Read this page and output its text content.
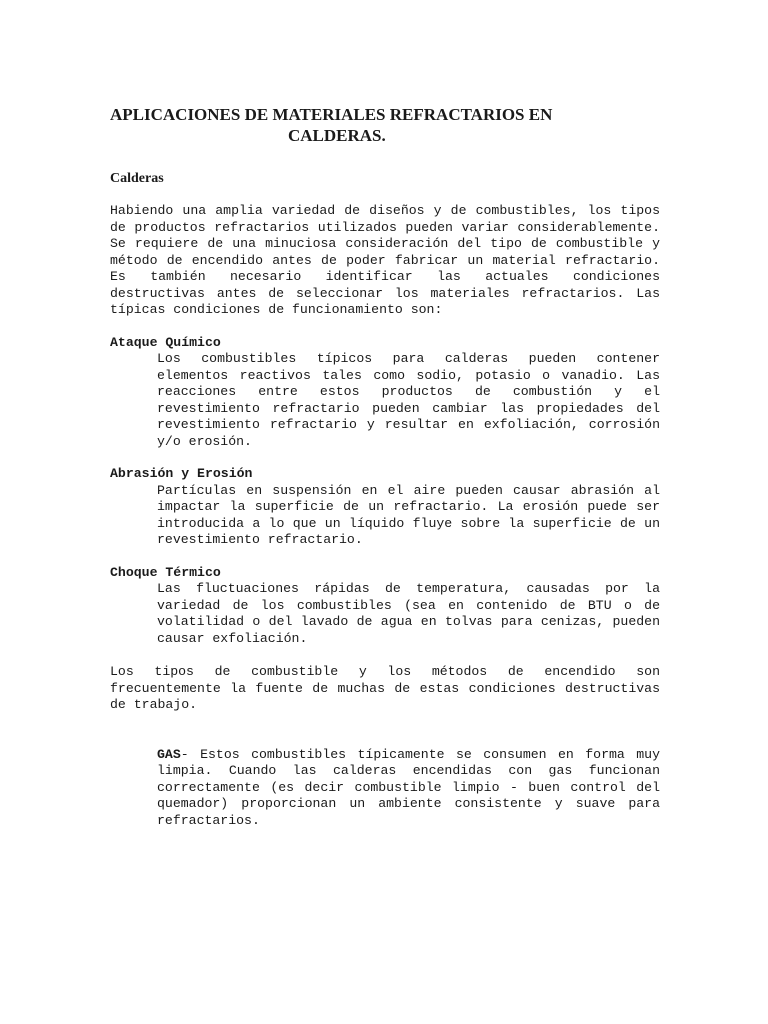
APLICACIONES DE MATERIALES REFRACTARIOS EN
CALDERAS.

Calderas

Habiendo una amplia variedad de diseños y de combustibles, los tipos de productos refractarios utilizados pueden variar considerablemente. Se requiere de una minuciosa consideración del tipo de combustible y método de encendido antes de poder fabricar un material refractario. Es también necesario identificar las actuales condiciones destructivas antes de seleccionar los materiales refractarios. Las típicas condiciones de funcionamiento son:

Ataque Químico

Los combustibles típicos para calderas pueden contener elementos reactivos tales como sodio, potasio o vanadio. Las reacciones entre estos productos de combustión y el revestimiento refractario pueden cambiar las propiedades del revestimiento refractario y resultar en exfoliación, corrosión y/o erosión.

Abrasión y Erosión

Partículas en suspensión en el aire pueden causar abrasión al impactar la superficie de un refractario. La erosión puede ser introducida a lo que un líquido fluye sobre la superficie de un revestimiento refractario.

Choque Térmico

Las fluctuaciones rápidas de temperatura, causadas por la variedad de los combustibles (sea en contenido de BTU o de volatilidad o del lavado de agua en tolvas para cenizas, pueden causar exfoliación.

Los tipos de combustible y los métodos de encendido son frecuentemente la fuente de muchas de estas condiciones destructivas de trabajo.

GAS- Estos combustibles típicamente se consumen en forma muy limpia. Cuando las calderas encendidas con gas funcionan correctamente (es decir combustible limpio - buen control del quemador) proporcionan un ambiente consistente y suave para refractarios.
